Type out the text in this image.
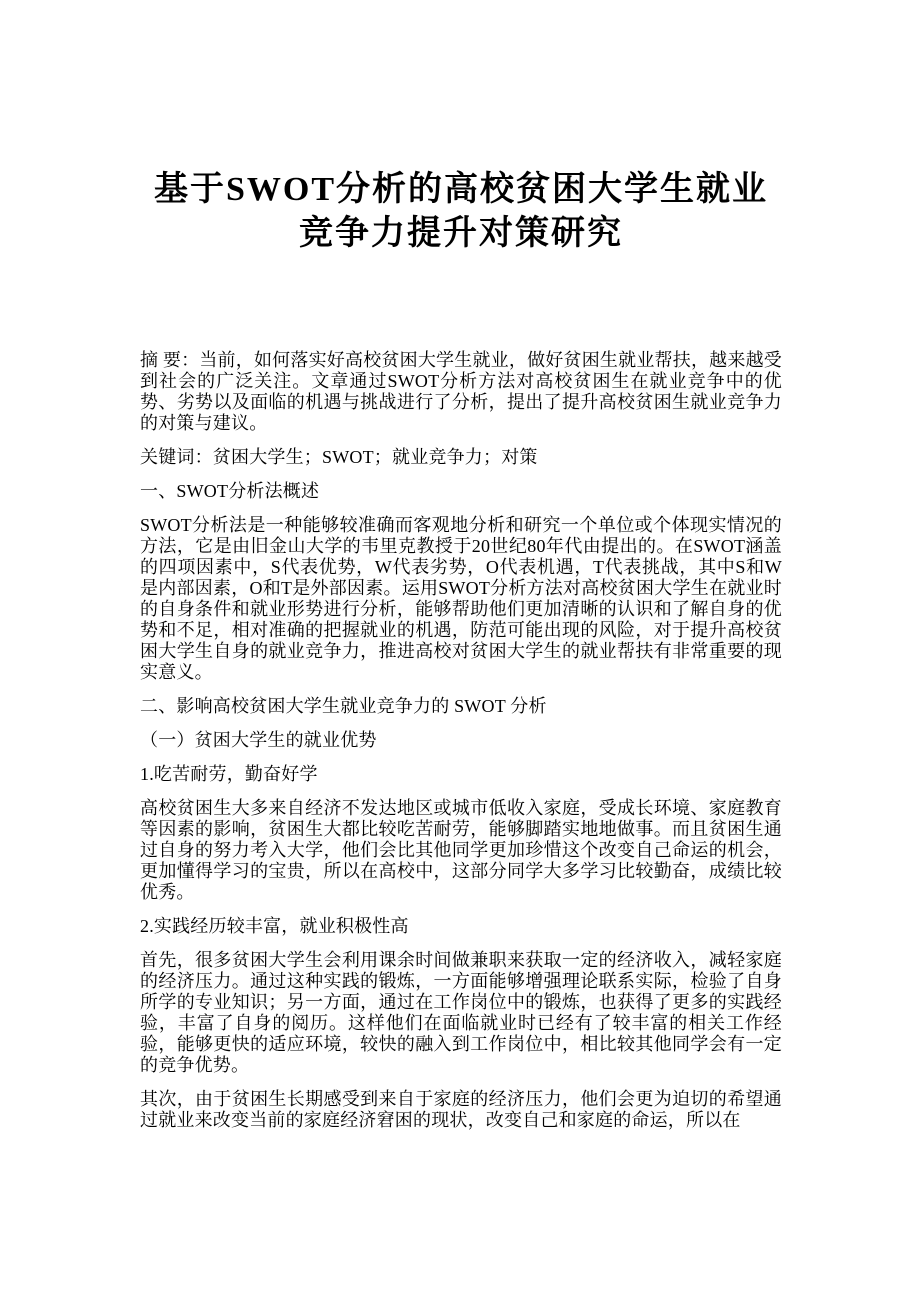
基于SWOT分析的高校贫困大学生就业
竞争力提升对策研究

摘 要：当前，如何落实好高校贫困大学生就业，做好贫困生就业帮扶，越来越受到社会的广泛关注。文章通过SWOT分析方法对高校贫困生在就业竞争中的优势、劣势以及面临的机遇与挑战进行了分析，提出了提升高校贫困生就业竞争力的对策与建议。

关键词：贫困大学生；SWOT；就业竞争力；对策

一、SWOT分析法概述

SWOT分析法是一种能够较准确而客观地分析和研究一个单位或个体现实情况的方法，它是由旧金山大学的韦里克教授于20世纪80年代由提出的。在SWOT涵盖的四项因素中，S代表优势，W代表劣势，O代表机遇，T代表挑战，其中S和W是内部因素，O和T是外部因素。运用SWOT分析方法对高校贫困大学生在就业时的自身条件和就业形势进行分析，能够帮助他们更加清晰的认识和了解自身的优势和不足，相对准确的把握就业的机遇，防范可能出现的风险，对于提升高校贫困大学生自身的就业竞争力，推进高校对贫困大学生的就业帮扶有非常重要的现实意义。

二、影响高校贫困大学生就业竞争力的 SWOT 分析

（一）贫困大学生的就业优势

1.吃苦耐劳，勤奋好学

高校贫困生大多来自经济不发达地区或城市低收入家庭，受成长环境、家庭教育等因素的影响，贫困生大都比较吃苦耐劳，能够脚踏实地地做事。而且贫困生通过自身的努力考入大学，他们会比其他同学更加珍惜这个改变自己命运的机会，更加懂得学习的宝贵，所以在高校中，这部分同学大多学习比较勤奋，成绩比较优秀。

2.实践经历较丰富，就业积极性高

首先，很多贫困大学生会利用课余时间做兼职来获取一定的经济收入，减轻家庭的经济压力。通过这种实践的锻炼，一方面能够增强理论联系实际，检验了自身所学的专业知识；另一方面，通过在工作岗位中的锻炼，也获得了更多的实践经验，丰富了自身的阅历。这样他们在面临就业时已经有了较丰富的相关工作经验，能够更快的适应环境，较快的融入到工作岗位中，相比较其他同学会有一定的竞争优势。

其次，由于贫困生长期感受到来自于家庭的经济压力，他们会更为迫切的希望通过就业来改变当前的家庭经济窘困的现状，改变自己和家庭的命运，所以在
